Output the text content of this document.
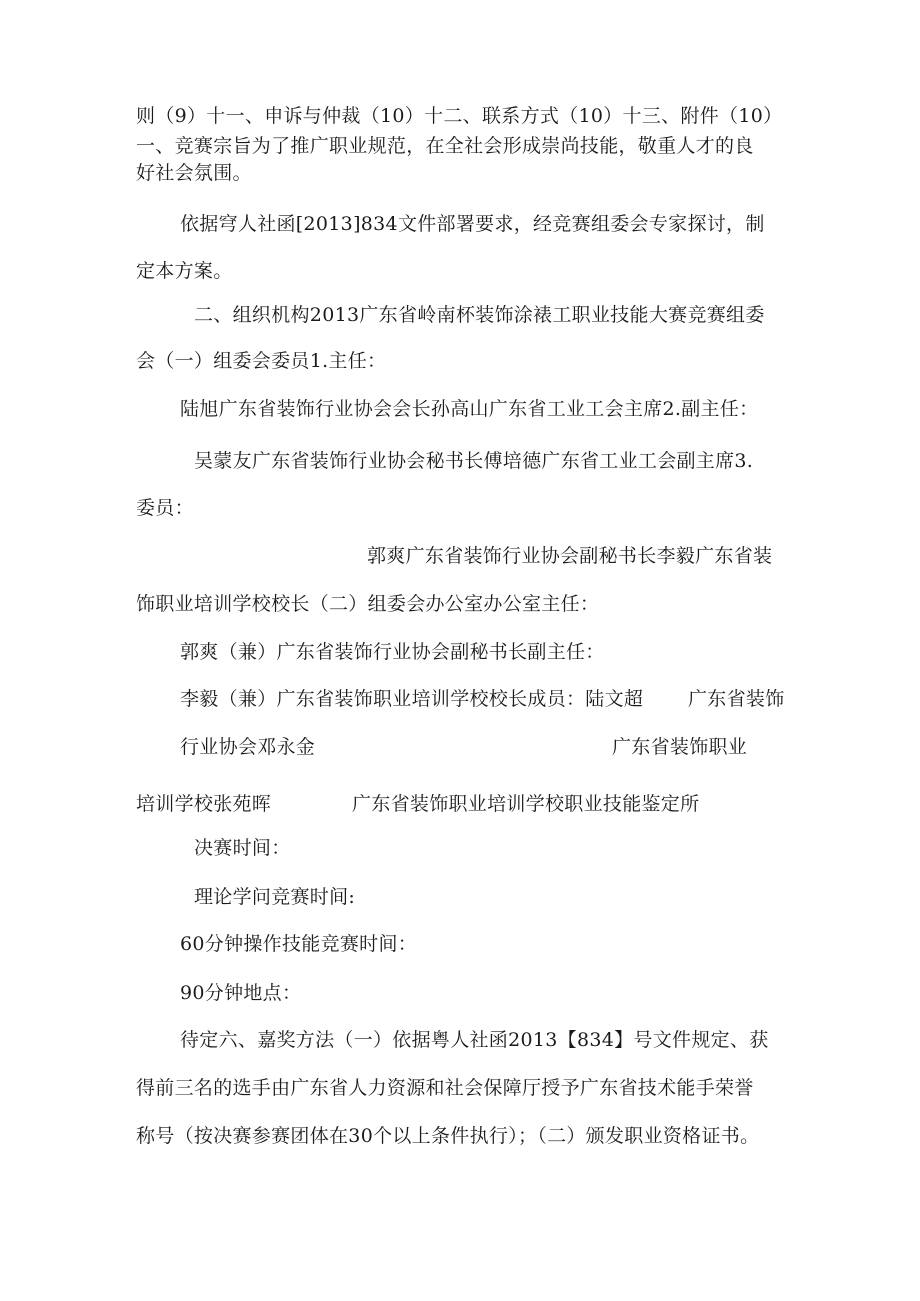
则（9）十一、申诉与仲裁（10）十二、联系方式（10）十三、附件（10）
一、竞赛宗旨为了推广职业规范，在全社会形成崇尚技能，敬重人才的良
好社会氛围。
依据穹人社函[2013]834文件部署要求，经竞赛组委会专家探讨，制
定本方案。
二、组织机构2013广东省岭南杯装饰涂裱工职业技能大赛竞赛组委
会（一）组委会委员1.主任：
陆旭广东省装饰行业协会会长孙高山广东省工业工会主席2.副主任：
吴蒙友广东省装饰行业协会秘书长傅培德广东省工业工会副主席3.
委员：
郭爽广东省装饰行业协会副秘书长李毅广东省装
饰职业培训学校校长（二）组委会办公室办公室主任：
郭爽（兼）广东省装饰行业协会副秘书长副主任：
李毅（兼）广东省装饰职业培训学校校长成员：陆文超 广东省装饰
行业协会邓永金	广东省装饰职业
培训学校张苑晖	广东省装饰职业培训学校职业技能鉴定所
决赛时间：
理论学问竞赛时间:
60分钟操作技能竞赛时间：
90分钟地点：
待定六、嘉奖方法（一）依据粤人社函2013【834】号文件规定、获
得前三名的选手由广东省人力资源和社会保障厅授予广东省技术能手荣誉
称号（按决赛参赛团体在30个以上条件执行）；（二）颁发职业资格证书。
